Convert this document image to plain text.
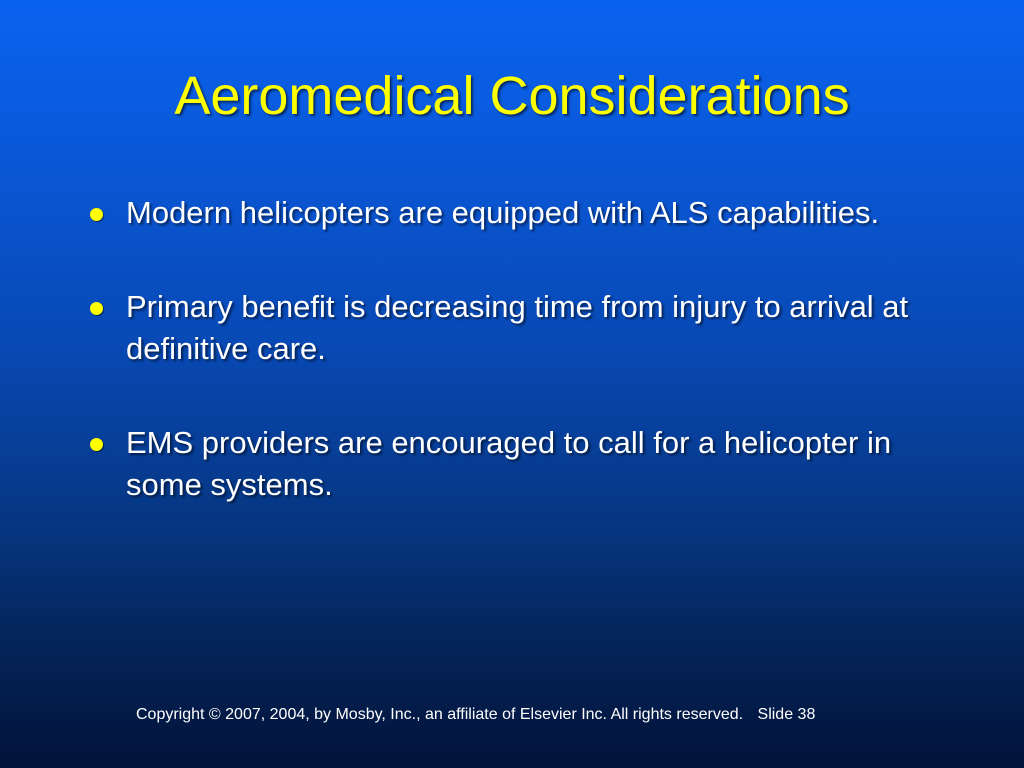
Aeromedical Considerations
Modern helicopters are equipped with ALS capabilities.
Primary benefit is decreasing time from injury to arrival at definitive care.
EMS providers are encouraged to call for a helicopter in some systems.
Copyright © 2007, 2004, by Mosby, Inc., an affiliate of Elsevier Inc. All rights reserved. Slide 38
